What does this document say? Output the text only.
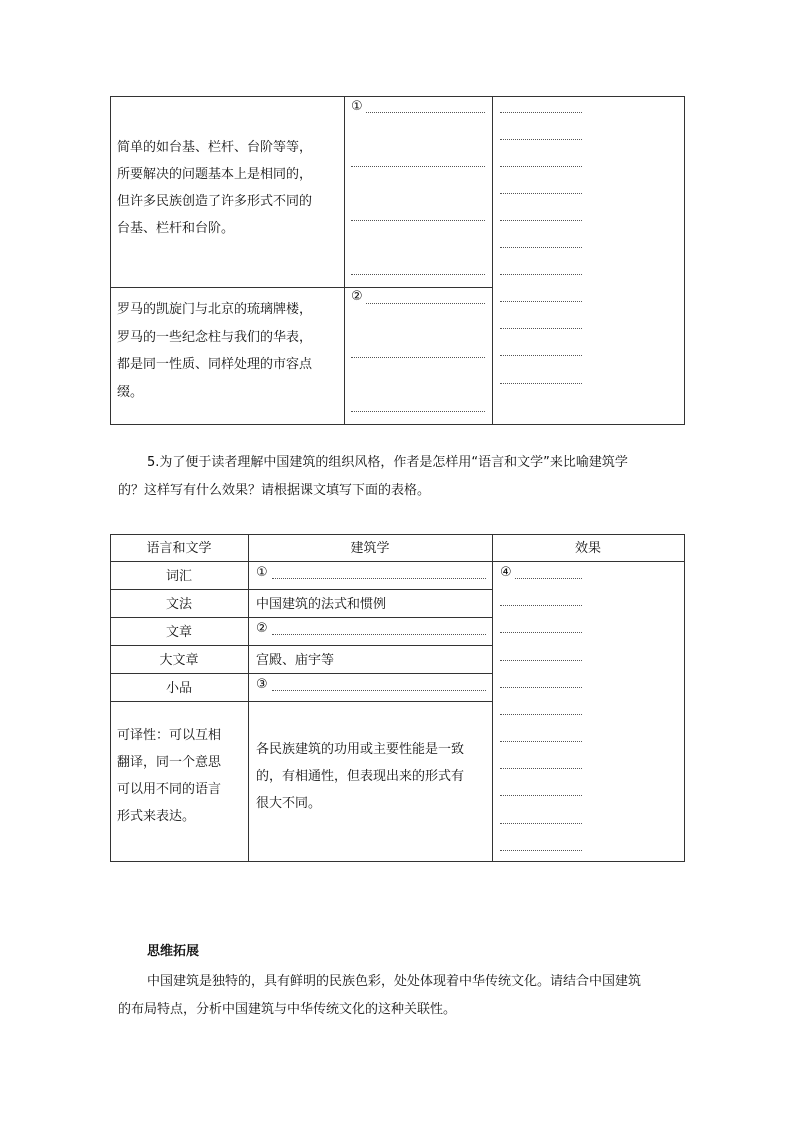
简单的如台基、栏杆、台阶等等，
所要解决的问题基本上是相同的，
但许多民族创造了许多形式不同的
台基、栏杆和台阶。
罗马的凯旋门与北京的琉璃牌楼，
罗马的一些纪念柱与我们的华表，
都是同一性质、同样处理的市容点
缀。
①
②
5.为了便于读者理解中国建筑的组织风格，作者是怎样用“语言和文学”来比喻建筑学
的？这样写有什么效果？请根据课文填写下面的表格。
语言和文学	建筑学	效果
词汇
文法
文章
大文章
小品
①
中国建筑的法式和惯例
②
宫殿、庙宇等
③
可译性：可以互相
翻译，同一个意思
可以用不同的语言
形式来表达。
各民族建筑的功用或主要性能是一致
的，有相通性，但表现出来的形式有
很大不同。
④
思维拓展
中国建筑是独特的，具有鲜明的民族色彩，处处体现着中华传统文化。请结合中国建筑
的布局特点，分析中国建筑与中华传统文化的这种关联性。
